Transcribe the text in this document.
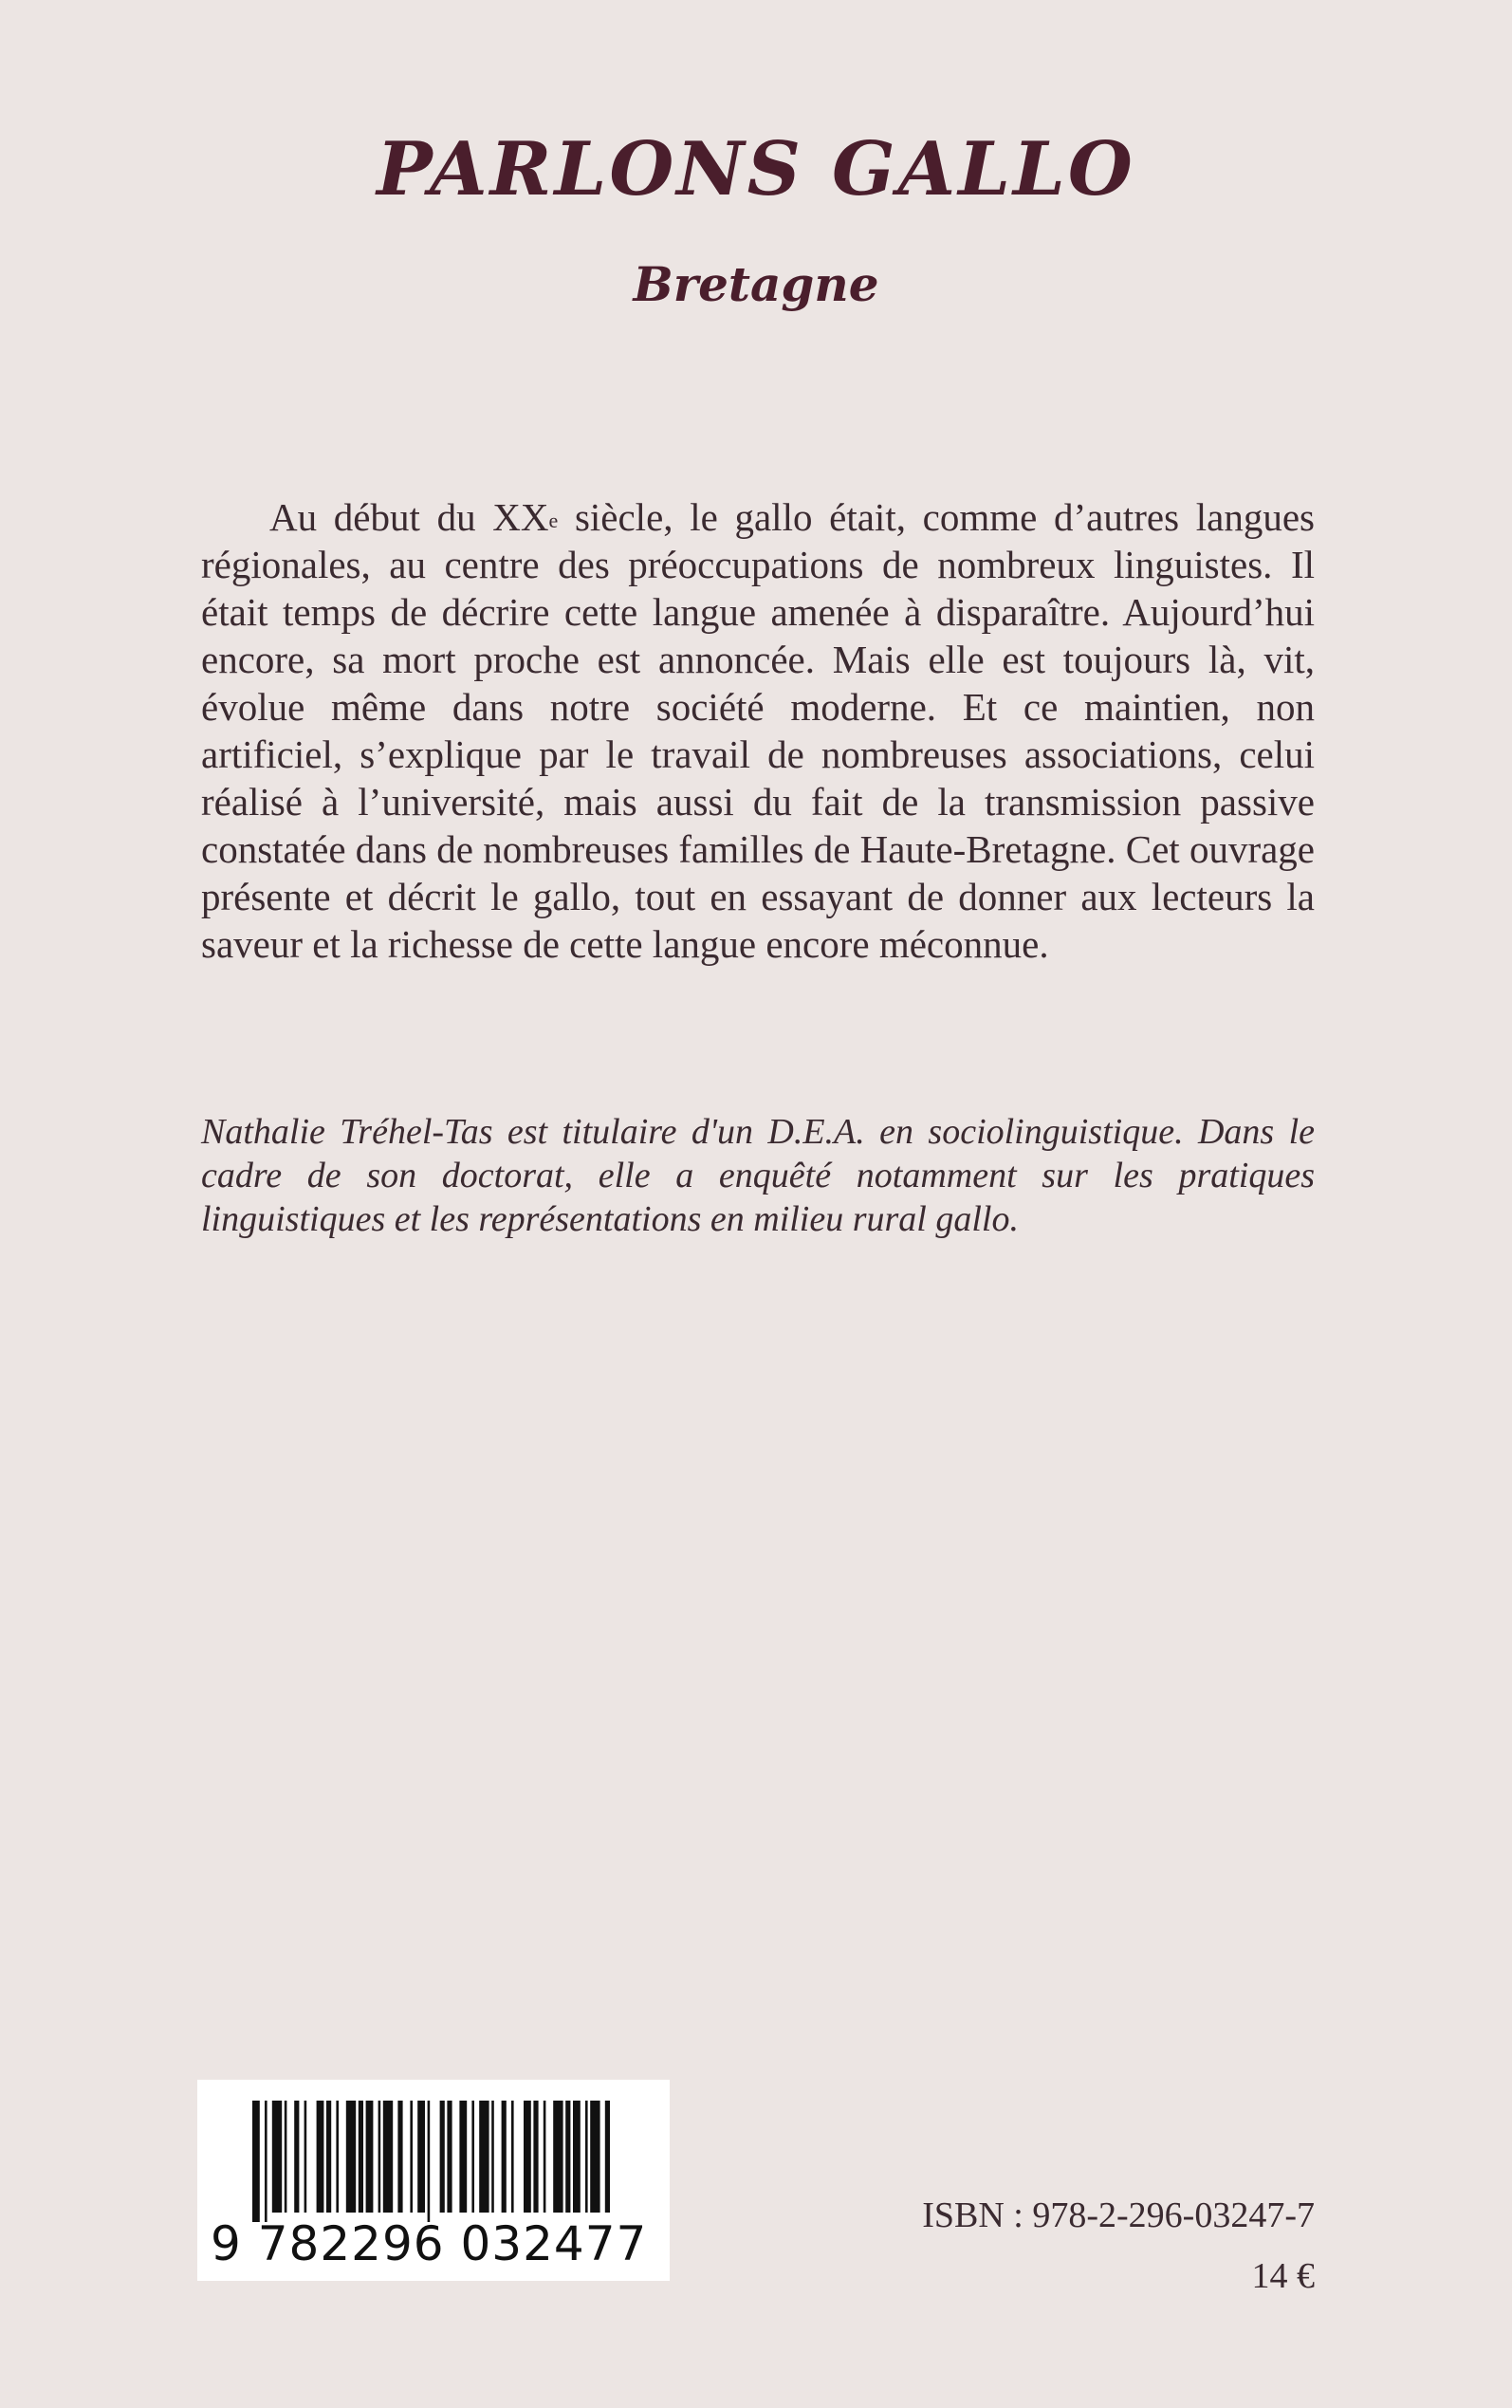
PARLONS GALLO
Bretagne

Au début du XXe siècle, le gallo était, comme d’autres langues régionales, au centre des préoccupations de nombreux linguistes. Il était temps de décrire cette langue amenée à disparaître. Aujourd’hui encore, sa mort proche est annoncée. Mais elle est toujours là, vit, évolue même dans notre société moderne. Et ce maintien, non artificiel, s’explique par le travail de nombreuses associations, celui réalisé à l’université, mais aussi du fait de la transmission passive constatée dans de nombreuses familles de Haute-Bretagne. Cet ouvrage présente et décrit le gallo, tout en essayant de donner aux lecteurs la saveur et la richesse de cette langue encore méconnue.

Nathalie Tréhel-Tas est titulaire d'un D.E.A. en sociolinguistique. Dans le cadre de son doctorat, elle a enquêté notamment sur les pratiques linguistiques et les représentations en milieu rural gallo.

9 782296 032477
ISBN : 978-2-296-03247-7
14 €
